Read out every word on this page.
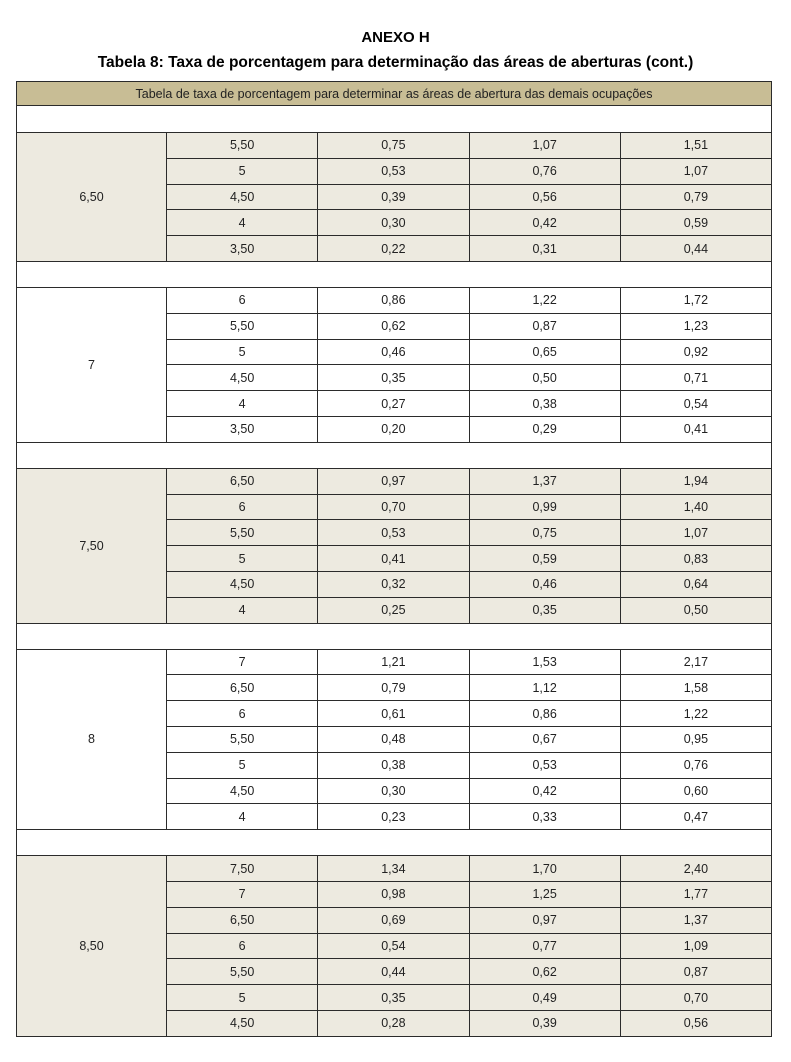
ANEXO H
Tabela 8: Taxa de porcentagem para determinação das áreas de aberturas (cont.)
Tabela de taxa de porcentagem para determinar as áreas de abertura das demais ocupações				

6,50	5,50	0,75	1,07	1,51
	5	0,53	0,76	1,07
	4,50	0,39	0,56	0,79
	4	0,30	0,42	0,59
	3,50	0,22	0,31	0,44

7	6	0,86	1,22	1,72
	5,50	0,62	0,87	1,23
	5	0,46	0,65	0,92
	4,50	0,35	0,50	0,71
	4	0,27	0,38	0,54
	3,50	0,20	0,29	0,41

7,50	6,50	0,97	1,37	1,94
	6	0,70	0,99	1,40
	5,50	0,53	0,75	1,07
	5	0,41	0,59	0,83
	4,50	0,32	0,46	0,64
	4	0,25	0,35	0,50

8	7	1,21	1,53	2,17
	6,50	0,79	1,12	1,58
	6	0,61	0,86	1,22
	5,50	0,48	0,67	0,95
	5	0,38	0,53	0,76
	4,50	0,30	0,42	0,60
	4	0,23	0,33	0,47

8,50	7,50	1,34	1,70	2,40
	7	0,98	1,25	1,77
	6,50	0,69	0,97	1,37
	6	0,54	0,77	1,09
	5,50	0,44	0,62	0,87
	5	0,35	0,49	0,70
	4,50	0,28	0,39	0,56
